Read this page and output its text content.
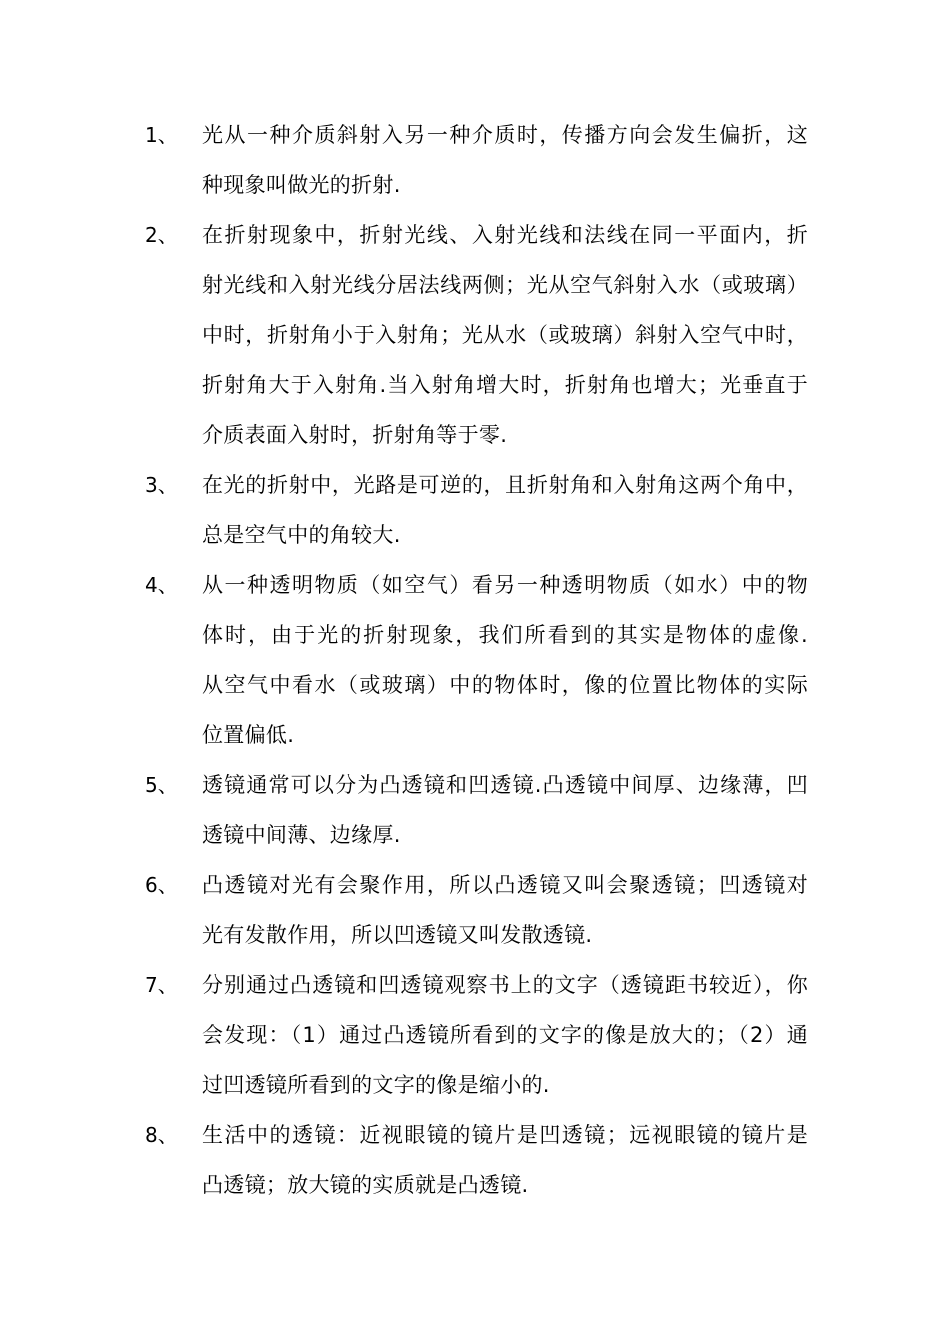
1、 光从一种介质斜射入另一种介质时，传播方向会发生偏折，这
种现象叫做光的折射.
2、 在折射现象中，折射光线、入射光线和法线在同一平面内，折
射光线和入射光线分居法线两侧；光从空气斜射入水（或玻璃）
中时，折射角小于入射角；光从水（或玻璃）斜射入空气中时，
折射角大于入射角.当入射角增大时，折射角也增大；光垂直于
介质表面入射时，折射角等于零.
3、 在光的折射中，光路是可逆的，且折射角和入射角这两个角中，
总是空气中的角较大.
4、 从一种透明物质（如空气）看另一种透明物质（如水）中的物
体时，由于光的折射现象，我们所看到的其实是物体的虚像.
从空气中看水（或玻璃）中的物体时，像的位置比物体的实际
位置偏低.
5、 透镜通常可以分为凸透镜和凹透镜.凸透镜中间厚、边缘薄，凹
透镜中间薄、边缘厚.
6、 凸透镜对光有会聚作用，所以凸透镜又叫会聚透镜；凹透镜对
光有发散作用，所以凹透镜又叫发散透镜.
7、 分别通过凸透镜和凹透镜观察书上的文字（透镜距书较近），你
会发现：（1）通过凸透镜所看到的文字的像是放大的；（2）通
过凹透镜所看到的文字的像是缩小的.
8、 生活中的透镜：近视眼镜的镜片是凹透镜；远视眼镜的镜片是
凸透镜；放大镜的实质就是凸透镜.
